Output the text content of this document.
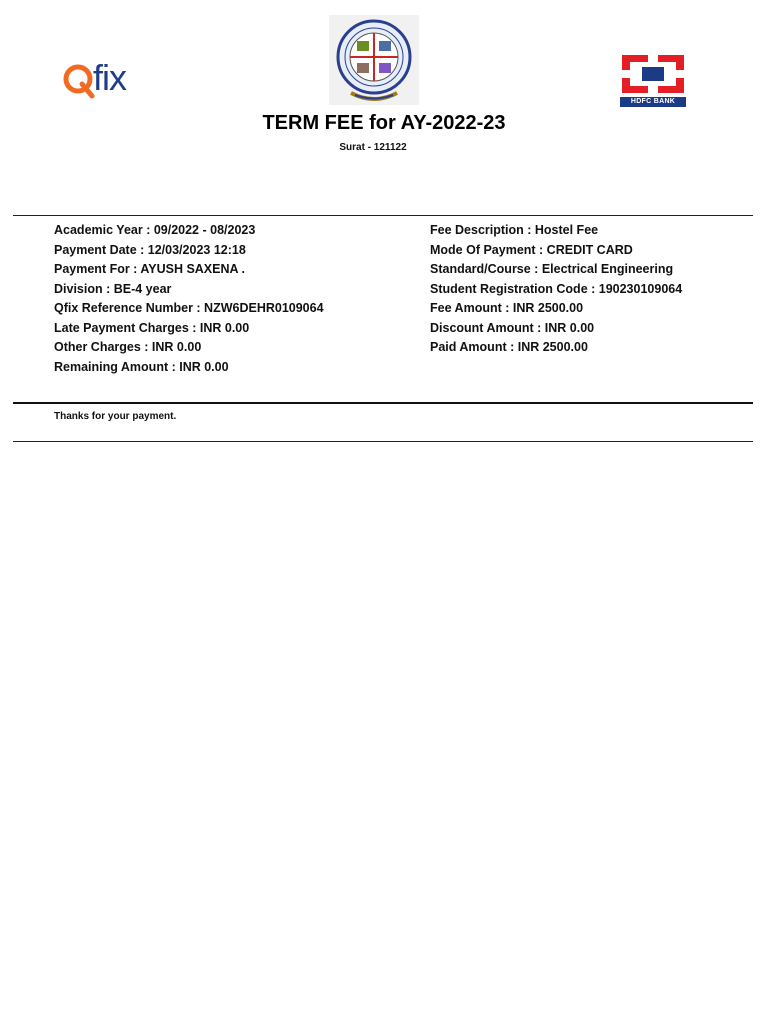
fix
HDFC BANK
TERM FEE for AY-2022-23
Surat - 121122
Academic Year : 09/2022 - 08/2023
Payment Date : 12/03/2023 12:18
Payment For : AYUSH SAXENA .
Division : BE-4 year
Qfix Reference Number : NZW6DEHR0109064
Late Payment Charges : INR 0.00
Other Charges : INR 0.00
Remaining Amount : INR 0.00
Fee Description : Hostel Fee
Mode Of Payment : CREDIT CARD
Standard/Course : Electrical Engineering
Student Registration Code : 190230109064
Fee Amount : INR 2500.00
Discount Amount : INR 0.00
Paid Amount : INR 2500.00
Thanks for your payment.
